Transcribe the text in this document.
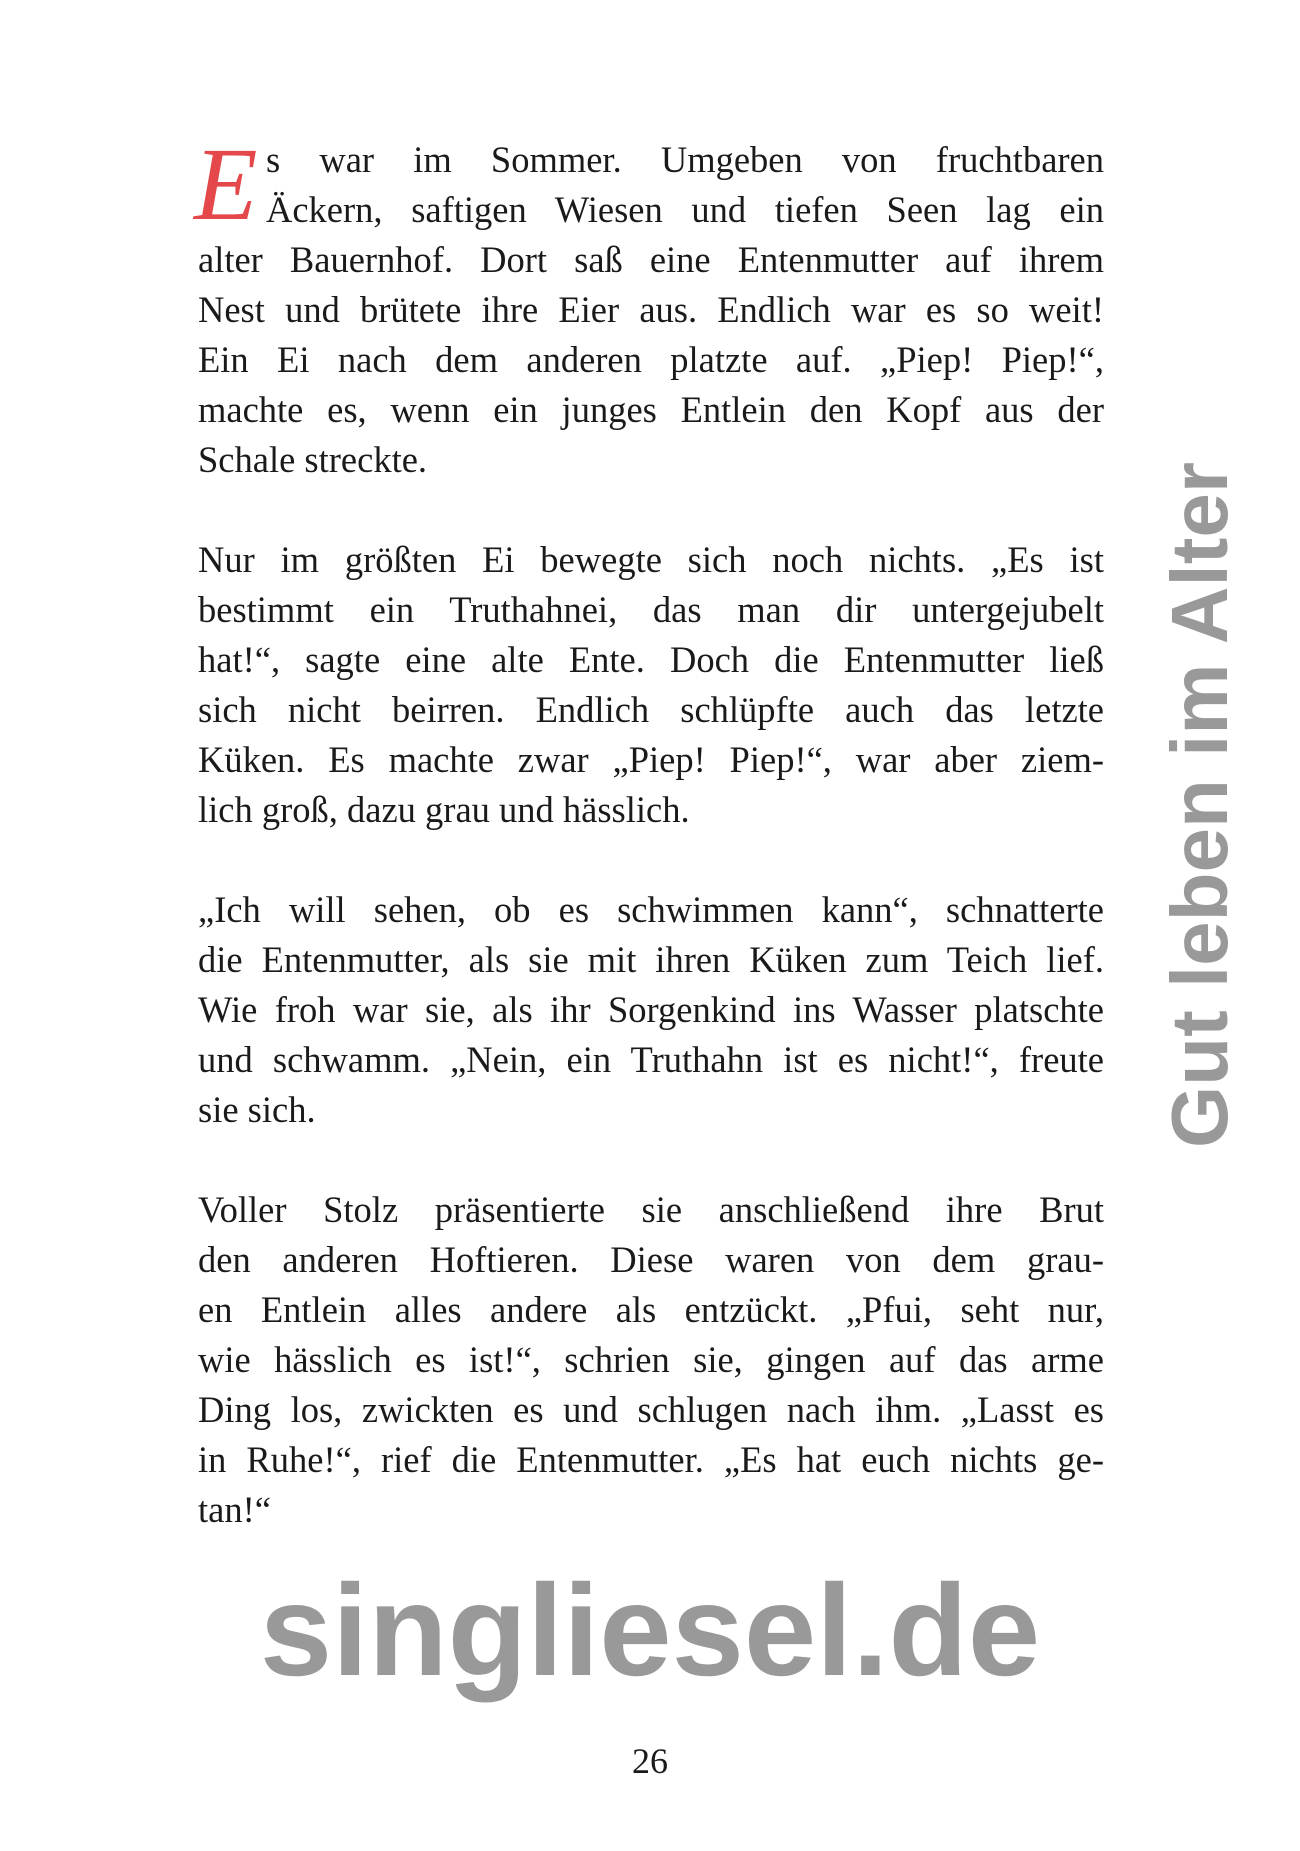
E s war im Sommer. Umgeben von fruchtbaren
Äckern, saftigen Wiesen und tiefen Seen lag ein
alter Bauernhof. Dort saß eine Entenmutter auf ihrem
Nest und brütete ihre Eier aus. Endlich war es so weit!
Ein Ei nach dem anderen platzte auf. „Piep! Piep!“,
machte es, wenn ein junges Entlein den Kopf aus der
Schale streckte.
Nur im größten Ei bewegte sich noch nichts. „Es ist
bestimmt ein Truthahnei, das man dir untergejubelt
hat!“, sagte eine alte Ente. Doch die Entenmutter ließ
sich nicht beirren. Endlich schlüpfte auch das letzte
Küken. Es machte zwar „Piep! Piep!“, war aber ziem-
lich groß, dazu grau und hässlich.
„Ich will sehen, ob es schwimmen kann“, schnatterte
die Entenmutter, als sie mit ihren Küken zum Teich lief.
Wie froh war sie, als ihr Sorgenkind ins Wasser platschte
und schwamm. „Nein, ein Truthahn ist es nicht!“, freute
sie sich.
Voller Stolz präsentierte sie anschließend ihre Brut
den anderen Hoftieren. Diese waren von dem grau-
en Entlein alles andere als entzückt. „Pfui, seht nur,
wie hässlich es ist!“, schrien sie, gingen auf das arme
Ding los, zwickten es und schlugen nach ihm. „Lasst es
in Ruhe!“, rief die Entenmutter. „Es hat euch nichts ge-
tan!“
26
singliesel.de
Gut leben im Alter
